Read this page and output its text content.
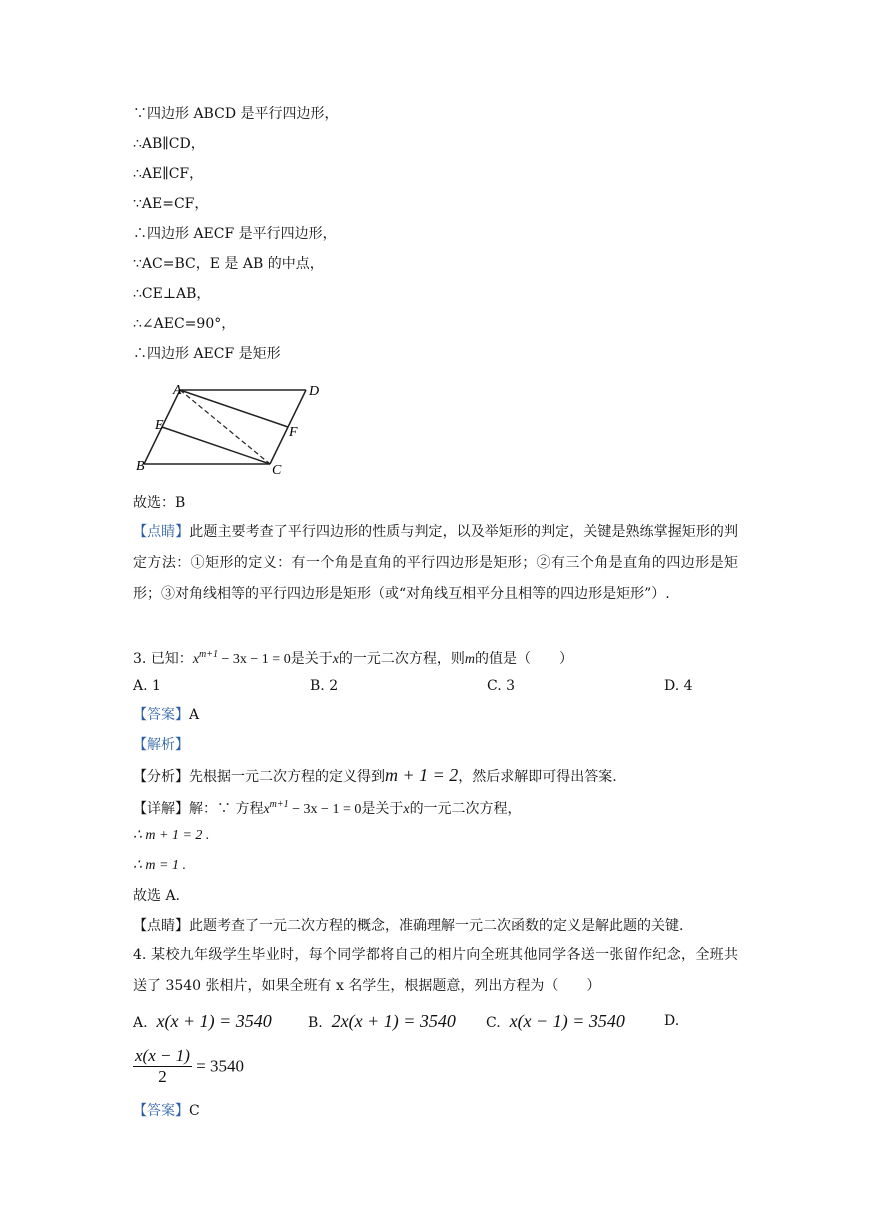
∵四边形 ABCD 是平行四边形，
∴AB∥CD，
∴AE∥CF，
∵AE=CF，
∴四边形 AECF 是平行四边形，
∵AC=BC，E 是 AB 的中点，
∴CE⊥AB，
∴∠AEC=90°，
∴四边形 AECF 是矩形
A	D
E	F
B	C
故选：B
【点睛】此题主要考查了平行四边形的性质与判定，以及举矩形的判定，关键是熟练掌握矩形的判定方法：①矩形的定义：有一个角是直角的平行四边形是矩形；②有三个角是直角的四边形是矩形；③对角线相等的平行四边形是矩形（或“对角线互相平分且相等的四边形是矩形”）.
3. 已知：$x^{m+1} - 3x - 1 = 0$是关于x的一元二次方程，则m的值是（　　）
A. 1	B. 2	C. 3	D. 4
【答案】A
【解析】
【分析】先根据一元二次方程的定义得到m + 1 = 2，然后求解即可得出答案.
【详解】解：∵ 方程$x^{m+1} - 3x - 1 = 0$是关于x的一元二次方程，
∴ m + 1 = 2 .
∴ m = 1 .
故选 A.
【点睛】此题考查了一元二次方程的概念，准确理解一元二次函数的定义是解此题的关键.
4. 某校九年级学生毕业时，每个同学都将自己的相片向全班其他同学各送一张留作纪念，全班共送了 3540 张相片，如果全班有 x 名学生，根据题意，列出方程为（　　）
A. x(x + 1) = 3540	B. 2x(x + 1) = 3540 C. x(x − 1) = 3540	D.
$\frac{x(x - 1)}{2} = 3540$
【答案】C
